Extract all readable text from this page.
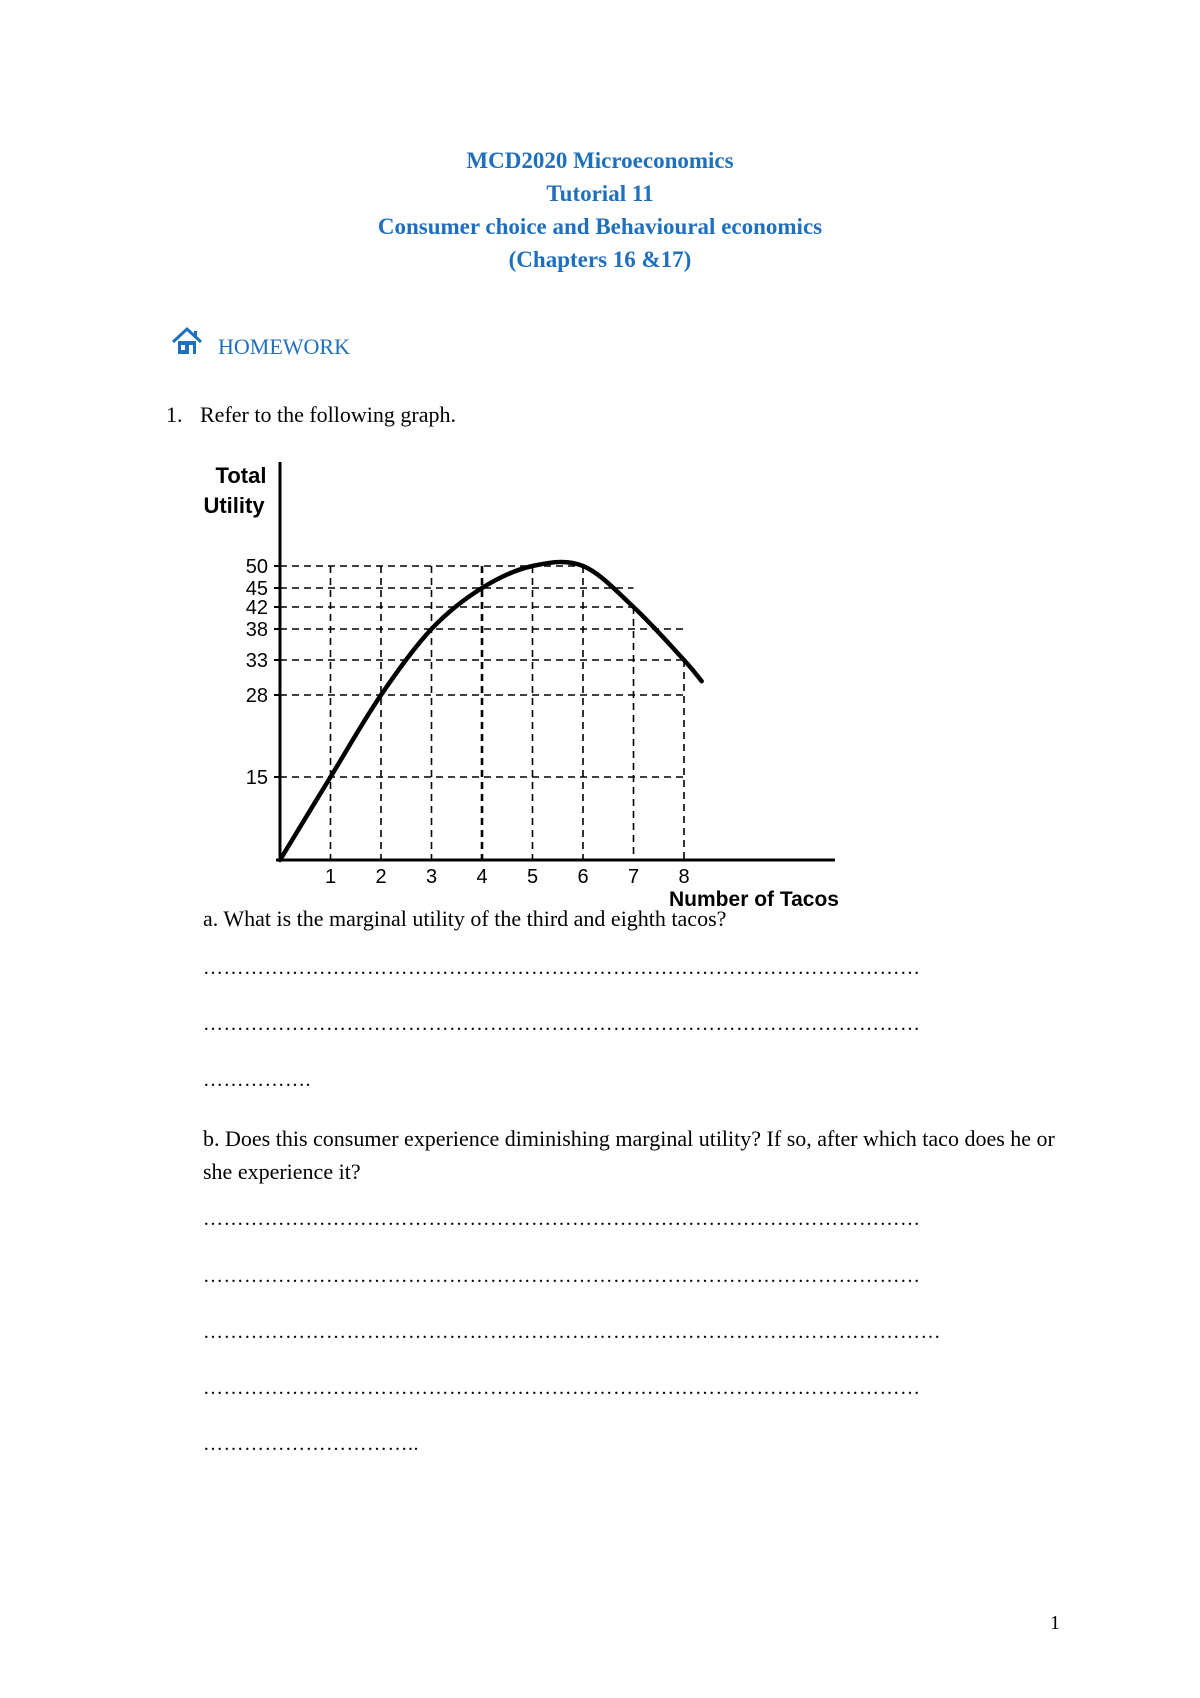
MCD2020 Microeconomics
Tutorial 11
Consumer choice and Behavioural economics
(Chapters 16 &17)
HOMEWORK
1. Refer to the following graph.
15
28
33
38
42
45
50
1 2 3 4 5 6 7 8
Total
Utility
Number of Tacos
a. What is the marginal utility of the third and eighth tacos?
……………………………………………………………………………………………
……………………………………………………………………………………………
…………….
b. Does this consumer experience diminishing marginal utility? If so, after which taco does he or she experience it?
……………………………………………………………………………………………
……………………………………………………………………………………………
………………………………………………………………………………………………
……………………………………………………………………………………………
…………………………..
1
